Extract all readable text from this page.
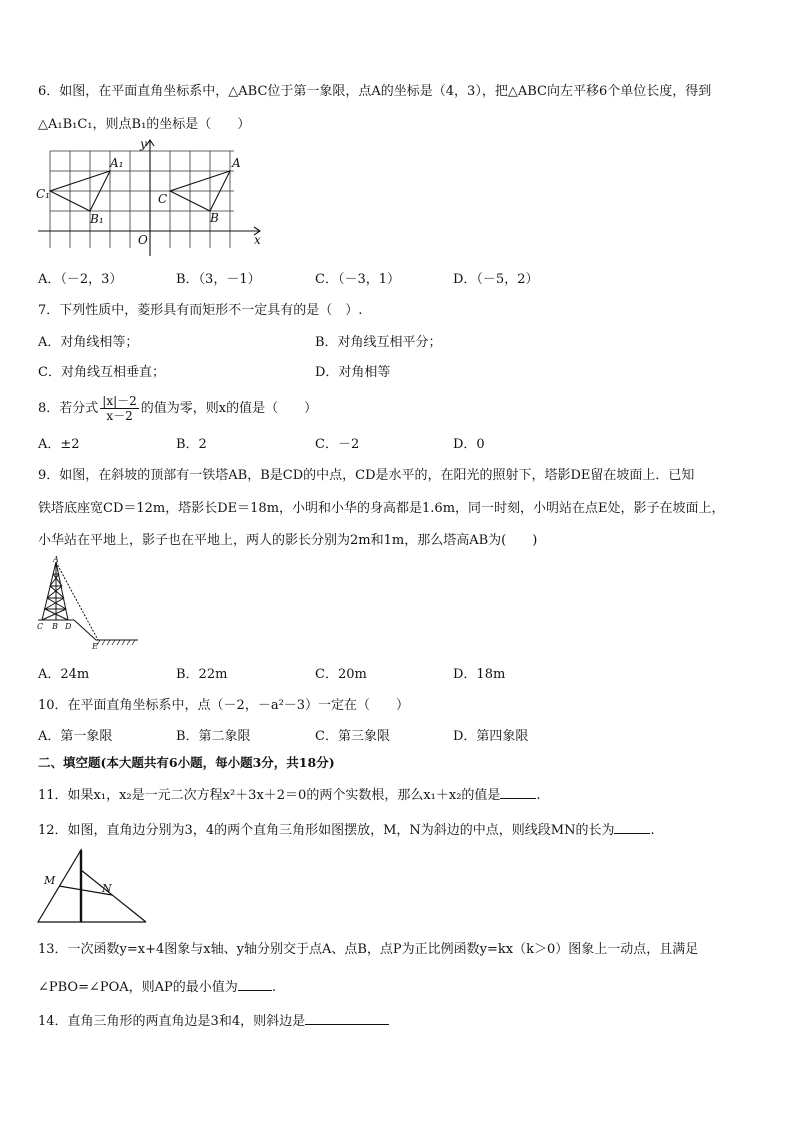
6．如图，在平面直角坐标系中，△ABC位于第一象限，点A的坐标是（4，3），把△ABC向左平移6个单位长度，得到
△A₁B₁C₁，则点B₁的坐标是（　　）
y
x
O
A₁
B₁
C₁
A
B
C
A．（－2，3）	B．（3，－1）	C．（－3，1）	D．（－5，2）
7．下列性质中，菱形具有而矩形不一定具有的是（　）.
A．对角线相等；	B．对角线互相平分；
C．对角线互相垂直；	D．对角相等
8．若分式 $\frac{|x|-2}{x-2}$ 的值为零，则x的值是（　　）
A．±2	B．2	C．－2	D．0
9．如图，在斜坡的顶部有一铁塔AB，B是CD的中点，CD是水平的，在阳光的照射下，塔影DE留在坡面上．已知
铁塔底座宽CD＝12m，塔影长DE＝18m，小明和小华的身高都是1.6m，同一时刻，小明站在点E处，影子在坡面上，
小华站在平地上，影子也在平地上，两人的影长分别为2m和1m，那么塔高AB为(　　)
A
C B D
E
A．24m	B．22m	C．20m	D．18m
10．在平面直角坐标系中，点（－2，－a²－3）一定在（　　）
A．第一象限	B．第二象限	C．第三象限	D．第四象限
二、填空题(本大题共有6小题，每小题3分，共18分)
11．如果x₁，x₂是一元二次方程x²＋3x＋2＝0的两个实数根，那么x₁＋x₂的值是	.
12．如图，直角边分别为3，4的两个直角三角形如图摆放，M，N为斜边的中点，则线段MN的长为	.
M
N
13．一次函数y=x+4图象与x轴、y轴分别交于点A、点B，点P为正比例函数y=kx（k＞0）图象上一动点，且满足
∠PBO=∠POA，则AP的最小值为	.
14．直角三角形的两直角边是3和4，则斜边是
